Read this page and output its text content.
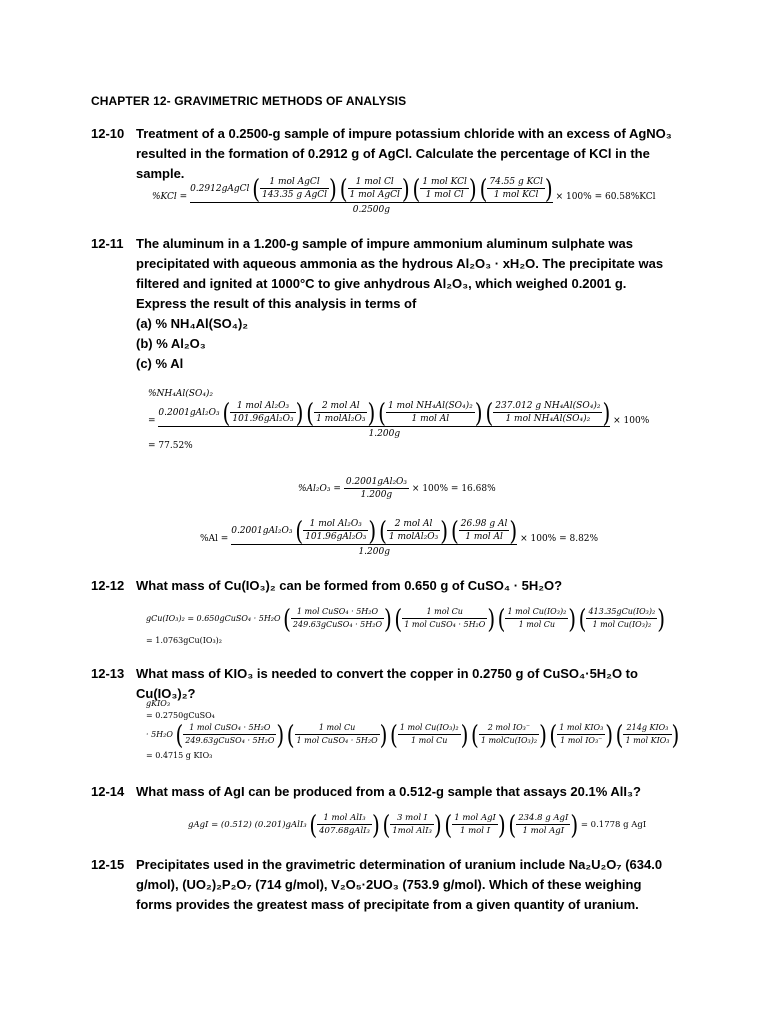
CHAPTER 12- GRAVIMETRIC METHODS OF ANALYSIS
12-10 Treatment of a 0.2500-g sample of impure potassium chloride with an excess of AgNO₃ resulted in the formation of 0.2912 g of AgCl. Calculate the percentage of KCl in the sample.

%KCl =
0.2912gAgCl ( $\frac{\text{1 mol AgCl}}{\text{143.35 g AgCl}}$ ) ( $\frac{\text{1 mol Cl}}{\text{1 mol AgCl}}$ ) ( $\frac{\text{1 mol KCl}}{\text{1 mol Cl}}$ ) ( $\frac{\text{74.55 g KCl}}{\text{1 mol KCl}}$ )
0.2500g
× 100% = 60.58%KCl
12-11 The aluminum in a 1.200-g sample of impure ammonium aluminum sulphate was precipitated with aqueous ammonia as the hydrous Al₂O₃ · xH₂O. The precipitate was filtered and ignited at 1000°C to give anhydrous Al₂O₃, which weighed 0.2001 g. Express the result of this analysis in terms of

(a) % NH₄Al(SO₄)₂

(b) % Al₂O₃

(c) % Al

%NH₄Al(SO₄)₂
=
0.2001gAl₂O₃ ( $\frac{\text{1 mol Al₂O₃}}{\text{101.96gAl₂O₃}}$ ) ( $\frac{\text{2 mol Al}}{\text{1 molAl₂O₃}}$ ) ( $\frac{\text{1 mol NH₄Al(SO₄)₂}}{\text{1 mol Al}}$ ) ( $\frac{\text{237.012 g NH₄Al(SO₄)₂}}{\text{1 mol NH₄Al(SO₄)₂}}$ )
1.200g
× 100%
= 77.52%
$\%Al_2O_3 = \frac{\text{0.2001gAl₂O₃}}{1.200g} \times 100\% = 16.68\%$
%Al =
0.2001gAl₂O₃ ( $\frac{\text{1 mol Al₂O₃}}{\text{101.96gAl₂O₃}}$ ) ( $\frac{\text{2 mol Al}}{\text{1 molAl₂O₃}}$ ) ( $\frac{\text{26.98 g Al}}{\text{1 mol Al}}$ )
1.200g
× 100% = 8.82%
12-12 What mass of Cu(IO₃)₂ can be formed from 0.650 g of CuSO₄ · 5H₂O?

gCu(IO₃)₂ = 0.650gCuSO₄ · 5H₂O ( $\frac{\text{1 mol CuSO₄ · 5H₂O}}{\text{249.63gCuSO₄ · 5H₂O}}$ ) ( $\frac{\text{1 mol Cu}}{\text{1 mol CuSO₄ · 5H₂O}}$ ) ( $\frac{\text{1 mol Cu(IO₃)₂}}{\text{1 mol Cu}}$ ) ( $\frac{\text{413.35gCu(IO₃)₂}}{\text{1 mol Cu(IO₃)₂}}$ )
= 1.0763gCu(IO₃)₂
12-13 What mass of KIO₃ is needed to convert the copper in 0.2750 g of CuSO₄·5H₂O to Cu(IO₃)₂?

gKIO₃
= 0.2750gCuSO₄
· 5H₂O ( $\frac{\text{1 mol CuSO₄ · 5H₂O}}{\text{249.63gCuSO₄ · 5H₂O}}$ ) ( $\frac{\text{1 mol Cu}}{\text{1 mol CuSO₄ · 5H₂O}}$ ) ( $\frac{\text{1 mol Cu(IO₃)₂}}{\text{1 mol Cu}}$ ) ( $\frac{\text{2 mol IO₃⁻}}{\text{1 molCu(IO₃)₂}}$ ) ( $\frac{\text{1 mol KIO₃}}{\text{1 mol IO₃⁻}}$ ) ( $\frac{\text{214g KIO₃}}{\text{1 mol KIO₃}}$ )
= 0.4715 g KIO₃
12-14 What mass of AgI can be produced from a 0.512-g sample that assays 20.1% AlI₃?

gAgI = (0.512) (0.201)gAlI₃ ( $\frac{\text{1 mol AlI₃}}{\text{407.68gAlI₃}}$ ) ( $\frac{\text{3 mol I}}{\text{1mol AlI₃}}$ ) ( $\frac{\text{1 mol AgI}}{\text{1 mol I}}$ ) ( $\frac{\text{234.8 g AgI}}{\text{1 mol AgI}}$ ) = 0.1778 g AgI
12-15 Precipitates used in the gravimetric determination of uranium include Na₂U₂O₇ (634.0 g/mol), (UO₂)₂P₂O₇ (714 g/mol), V₂O₅·2UO₃ (753.9 g/mol). Which of these weighing forms provides the greatest mass of precipitate from a given quantity of uranium.
